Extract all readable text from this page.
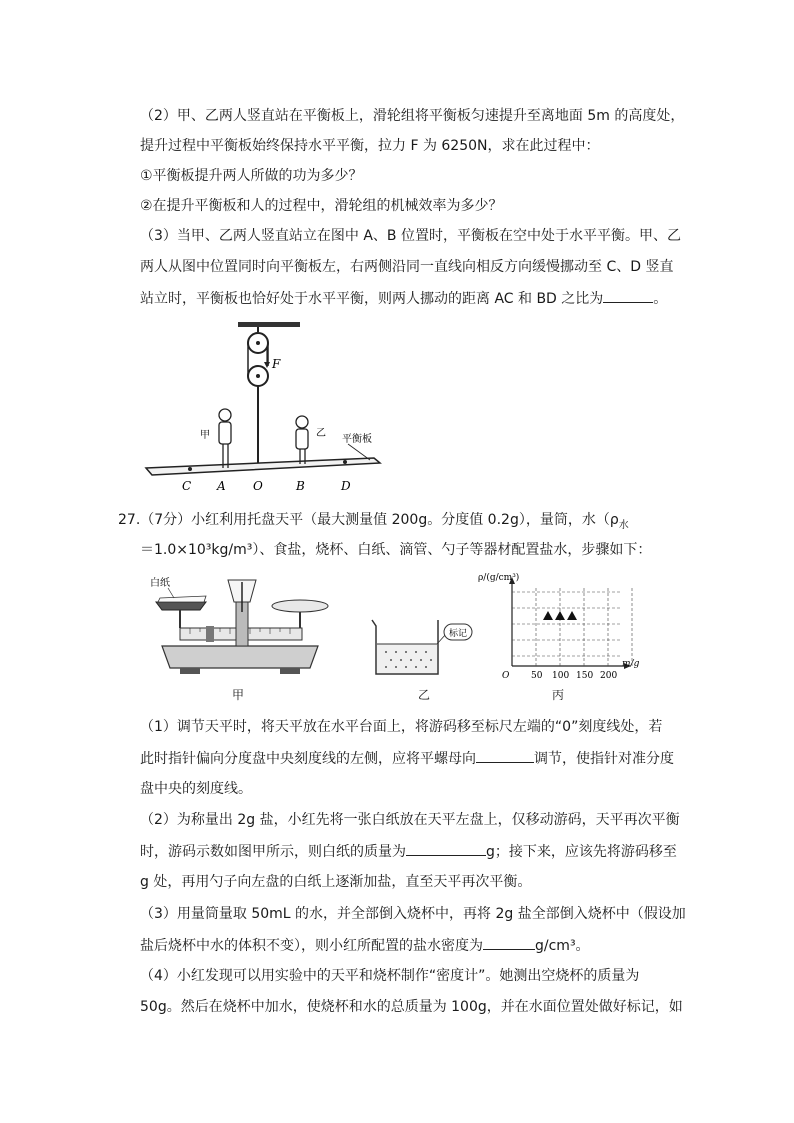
（2）甲、乙两人竖直站在平衡板上，滑轮组将平衡板匀速提升至离地面 5m 的高度处，
提升过程中平衡板始终保持水平平衡，拉力 F 为 6250N，求在此过程中：
①平衡板提升两人所做的功为多少？
②在提升平衡板和人的过程中，滑轮组的机械效率为多少？
（3）当甲、乙两人竖直站立在图中 A、B 位置时，平衡板在空中处于水平平衡。甲、乙
两人从图中位置同时向平衡板左，右两侧沿同一直线向相反方向缓慢挪动至 C、D 竖直
站立时，平衡板也恰好处于水平平衡，则两人挪动的距离 AC 和 BD 之比为	。
F
甲	乙
平衡板
C A O	B	D
27.（7分）小红利用托盘天平（最大测量值 200g。分度值 0.2g），量筒，水（$\rho_水$
＝1.0×10³kg/m³）、食盐，烧杯、白纸、滴管、勺子等器材配置盐水，步骤如下：
白纸
甲
标记
乙
ρ/(g/cm³)
O
m/g
50 100 150 200
丙
（1）调节天平时，将天平放在水平台面上，将游码移至标尺左端的“0”刻度线处，若
此时指针偏向分度盘中央刻度线的左侧，应将平螺母向	调节，使指针对准分度
盘中央的刻度线。
（2）为称量出 2g 盐，小红先将一张白纸放在天平左盘上，仅移动游码，天平再次平衡
时，游码示数如图甲所示，则白纸的质量为	g；接下来，应该先将游码移至
g 处，再用勺子向左盘的白纸上逐渐加盐，直至天平再次平衡。
（3）用量筒量取 50mL 的水，并全部倒入烧杯中，再将 2g 盐全部倒入烧杯中（假设加
盐后烧杯中水的体积不变），则小红所配置的盐水密度为	g/cm³。
（4）小红发现可以用实验中的天平和烧杯制作“密度计”。她测出空烧杯的质量为
50g。然后在烧杯中加水，使烧杯和水的总质量为 100g，并在水面位置处做好标记，如
